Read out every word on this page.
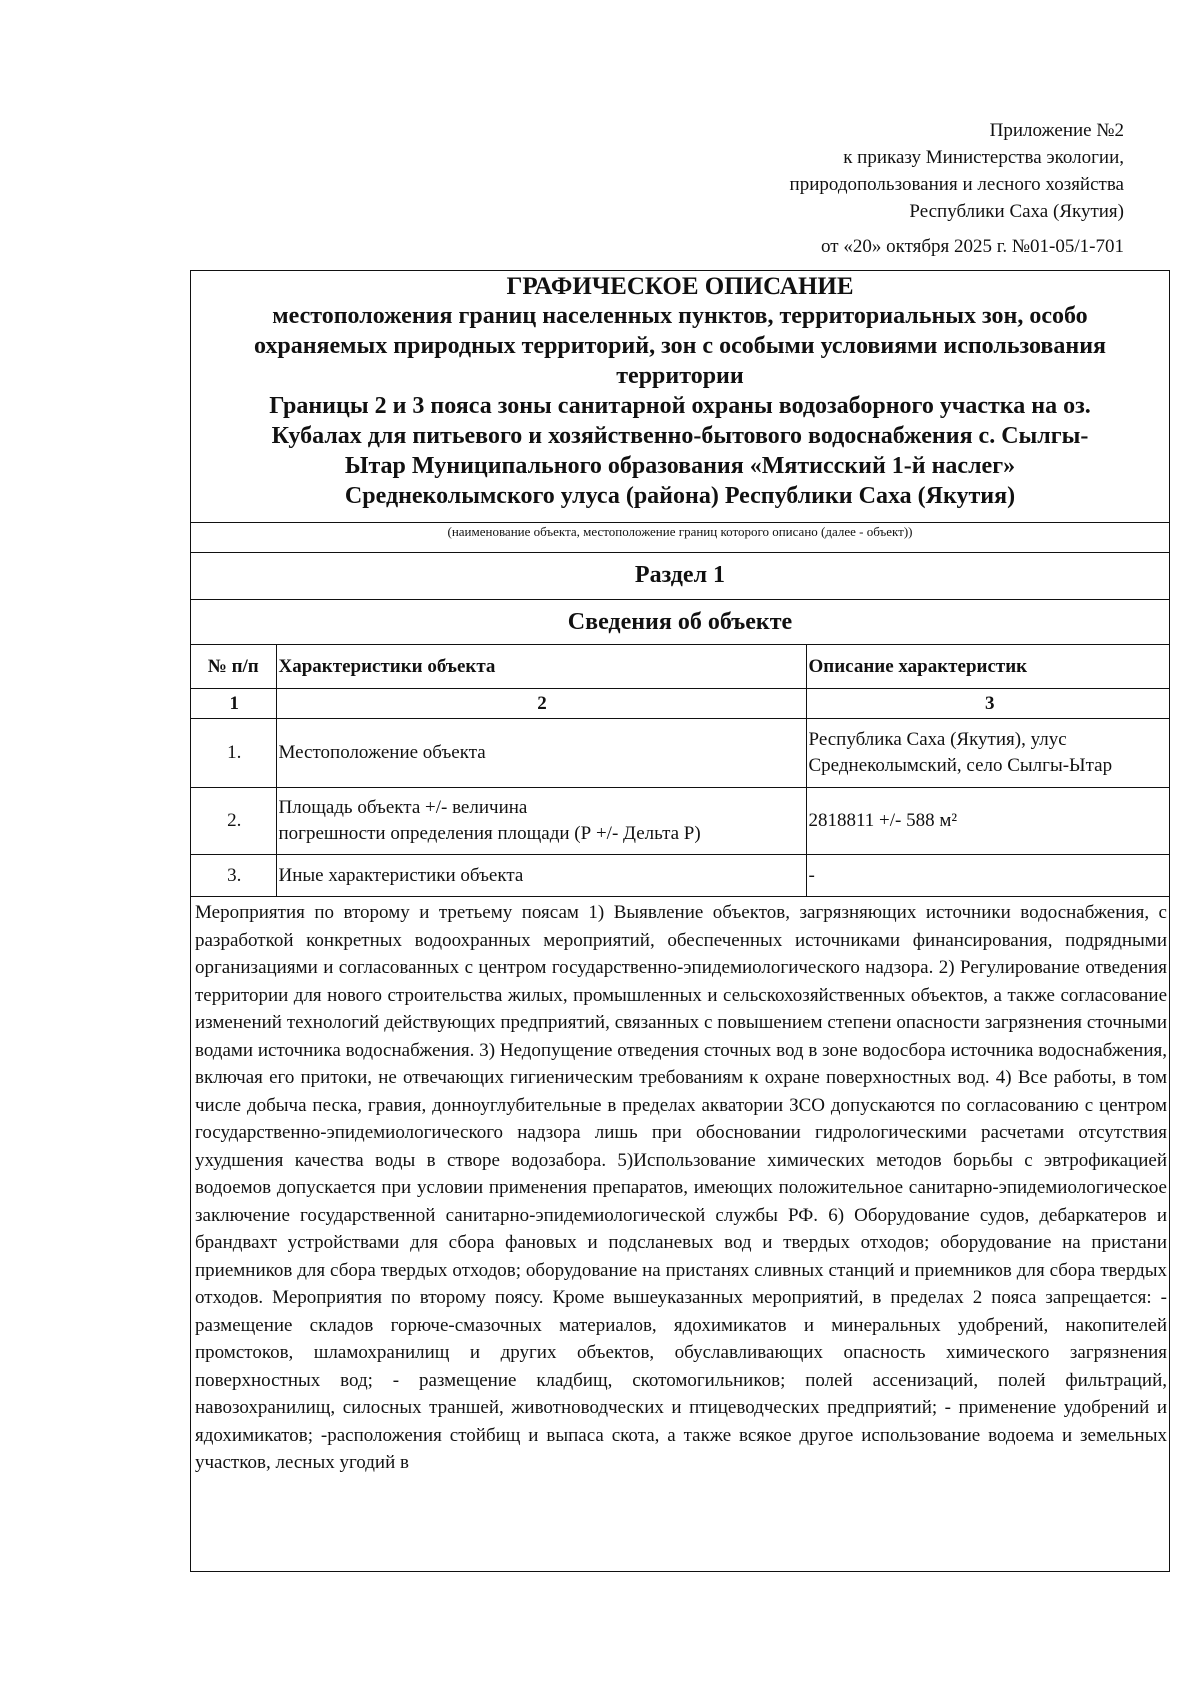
Приложение №2
к приказу Министерства экологии,
природопользования и лесного хозяйства
Республики Саха (Якутия)
от «20» октября 2025 г. №01-05/1-701
ГРАФИЧЕСКОЕ ОПИСАНИЕ
местоположения границ населенных пунктов, территориальных зон, особо
охраняемых природных территорий, зон с особыми условиями использования
территории
Границы 2 и 3 пояса зоны санитарной охраны водозаборного участка на оз.
Кубалах для питьевого и хозяйственно-бытового водоснабжения с. Сылгы-
Ытар Муниципального образования «Мятисский 1-й наслег»
Среднеколымского улуса (района) Республики Саха (Якутия)
(наименование объекта, местоположение границ которого описано (далее - объект))
Раздел 1
Сведения об объекте
№ п/п	Характеристики объекта	Описание характеристик
1	2	3
1.	Местоположение объекта	Республика Саха (Якутия), улус
Среднеколымский, село Сылгы-Ытар

2.	Площадь объекта +/- величина
погрешности определения площади (Р +/- Дельта Р)	2818811 +/- 588 м²
3.	Иные характеристики объекта	-
Мероприятия по второму и третьему поясам 1) Выявление объектов, загрязняющих источники водоснабжения, с разработкой конкретных водоохранных мероприятий, обеспеченных источниками финансирования, подрядными организациями и согласованных с центром государственно-эпидемиологического надзора. 2) Регулирование отведения территории для нового строительства жилых, промышленных и сельскохозяйственных объектов, а также согласование изменений технологий действующих предприятий, связанных с повышением степени опасности загрязнения сточными водами источника водоснабжения. 3) Недопущение отведения сточных вод в зоне водосбора источника водоснабжения, включая его притоки, не отвечающих гигиеническим требованиям к охране поверхностных вод. 4) Все работы, в том числе добыча песка, гравия, донноуглубительные в пределах акватории ЗСО допускаются по согласованию с центром государственно-эпидемиологического надзора лишь при обосновании гидрологическими расчетами отсутствия ухудшения качества воды в створе водозабора. 5)Использование химических методов борьбы с эвтрофикацией водоемов допускается при условии применения препаратов, имеющих положительное санитарно-эпидемиологическое заключение государственной санитарно-эпидемиологической службы РФ. 6) Оборудование судов, дебаркатеров и брандвахт устройствами для сбора фановых и подсланевых вод и твердых отходов; оборудование на пристани приемников для сбора твердых отходов; оборудование на пристанях сливных станций и приемников для сбора твердых отходов. Мероприятия по второму поясу. Кроме вышеуказанных мероприятий, в пределах 2 пояса запрещается: - размещение складов горюче-смазочных материалов, ядохимикатов и минеральных удобрений, накопителей промстоков, шламохранилищ и других объектов, обуславливающих опасность химического загрязнения поверхностных вод; - размещение кладбищ, скотомогильников; полей ассенизаций, полей фильтраций, навозохранилищ, силосных траншей, животноводческих и птицеводческих предприятий; - применение удобрений и ядохимикатов; -расположения стойбищ и выпаса скота, а также всякое другое использование водоема и земельных участков, лесных угодий в
